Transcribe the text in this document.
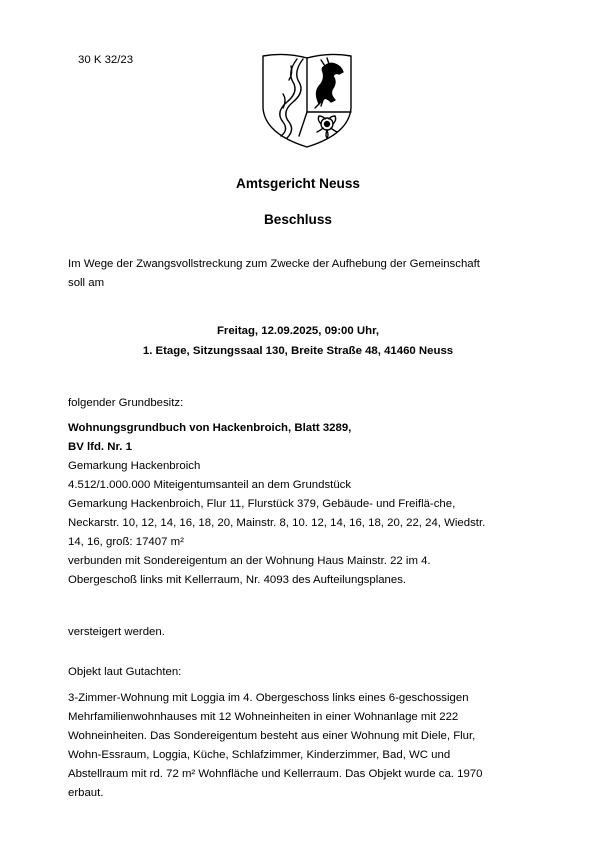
30 K 32/23
Amtsgericht Neuss
Beschluss
Im Wege der Zwangsvollstreckung zum Zwecke der Aufhebung der Gemeinschaft
soll am
Freitag, 12.09.2025, 09:00 Uhr,
1. Etage, Sitzungssaal 130, Breite Straße 48, 41460 Neuss
folgender Grundbesitz:
Wohnungsgrundbuch von Hackenbroich, Blatt 3289,
BV lfd. Nr. 1
Gemarkung Hackenbroich
4.512/1.000.000 Miteigentumsanteil an dem Grundstück
Gemarkung Hackenbroich, Flur 11, Flurstück 379, Gebäude- und Freiflä-che,
Neckarstr. 10, 12, 14, 16, 18, 20, Mainstr. 8, 10. 12, 14, 16, 18, 20, 22, 24, Wiedstr.
14, 16, groß: 17407 m²
verbunden mit Sondereigentum an der Wohnung Haus Mainstr. 22 im 4.
Obergeschoß links mit Kellerraum, Nr. 4093 des Aufteilungsplanes.
versteigert werden.
Objekt laut Gutachten:
3-Zimmer-Wohnung mit Loggia im 4. Obergeschoss links eines 6-geschossigen
Mehrfamilienwohnhauses mit 12 Wohneinheiten in einer Wohnanlage mit 222
Wohneinheiten. Das Sondereigentum besteht aus einer Wohnung mit Diele, Flur,
Wohn-Essraum, Loggia, Küche, Schlafzimmer, Kinderzimmer, Bad, WC und
Abstellraum mit rd. 72 m² Wohnfläche und Kellerraum. Das Objekt wurde ca. 1970
erbaut.
